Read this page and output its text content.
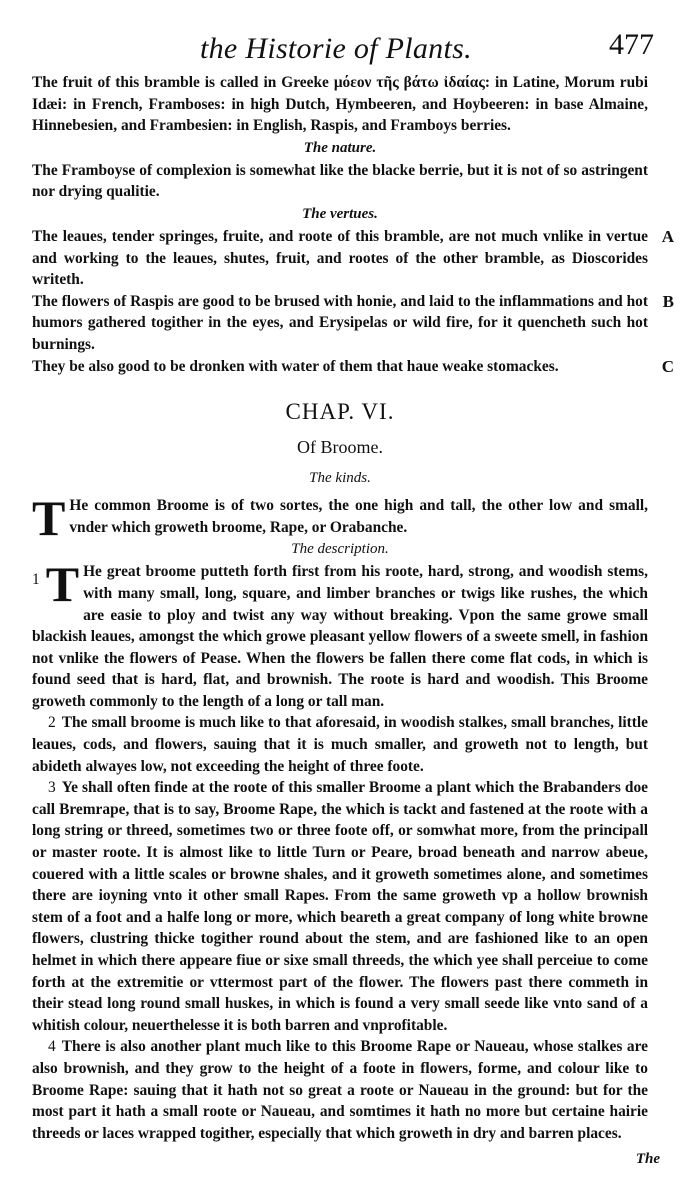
the Historie of Plants.	477

The fruit of this bramble is called in Greeke μόεον τῆς βάτω ἰδαίας: in Latine, Morum rubi Idæi: in French, Framboses: in high Dutch, Hymbeeren, and Hoybeeren: in base Almaine, Hinnebesien, and Frambesien: in English, Raspis, and Framboys berries.

The nature.

The Framboyse of complexion is somewhat like the blacke berrie, but it is not of so astringent nor drying qualitie.

The vertues.

The leaues, tender springes, fruite, and roote of this bramble, are not much vnlike in vertue and working to the leaues, shutes, fruit, and rootes of the other bramble, as Dioscorides writeth.
A

The flowers of Raspis are good to be brused with honie, and laid to the inflammations and hot humors gathered togither in the eyes, and Erysipelas or wild fire, for it quencheth such hot burnings.
B

They be also good to be dronken with water of them that haue weake stomackes.	C

CHAP. VI.
Of Broome.
The kinds.
T He common Broome is of two sortes, the one high and tall, the other low and small, vnder which groweth broome, Rape, or Orabanche.
The description.
1 T He great broome putteth forth first from his roote, hard, strong, and woodish stems, with many small, long, square, and limber branches or twigs like rushes, the which are easie to ploy and twist any way without breaking. Vpon the same growe small blackish leaues, amongst the which growe pleasant yellow flowers of a sweete smell, in fashion not vnlike the flowers of Pease. When the flowers be fallen there come flat cods, in which is found seed that is hard, flat, and brownish. The roote is hard and woodish. This Broome groweth commonly to the length of a long or tall man.
2 The small broome is much like to that aforesaid, in woodish stalkes, small branches, little leaues, cods, and flowers, sauing that it is much smaller, and groweth not to length, but abideth alwayes low, not exceeding the height of three foote.
3 Ye shall often finde at the roote of this smaller Broome a plant which the Brabanders doe call Bremrape, that is to say, Broome Rape, the which is tackt and fastened at the roote with a long string or threed, sometimes two or three foote off, or somwhat more, from the principall or master roote. It is almost like to little Turn or Peare, broad beneath and narrow abeue, couered with a little scales or browne shales, and it groweth sometimes alone, and sometimes there are ioyning vnto it other small Rapes. From the same groweth vp a hollow brownish stem of a foot and a halfe long or more, which beareth a great company of long white browne flowers, clustring thicke togither round about the stem, and are fashioned like to an open helmet in which there appeare fiue or sixe small threeds, the which yee shall perceiue to come forth at the extremitie or vttermost part of the flower. The flowers past there commeth in their stead long round small huskes, in which is found a very small seede like vnto sand of a whitish colour, neuerthelesse it is both barren and vnprofitable.
4 There is also another plant much like to this Broome Rape or Naueau, whose stalkes are also brownish, and they grow to the height of a foote in flowers, forme, and colour like to Broome Rape: sauing that it hath not so great a roote or Naueau in the ground: but for the most part it hath a small roote or Naueau, and somtimes it hath no more but certaine hairie threeds or laces wrapped togither, especially that which groweth in dry and barren places.
The
